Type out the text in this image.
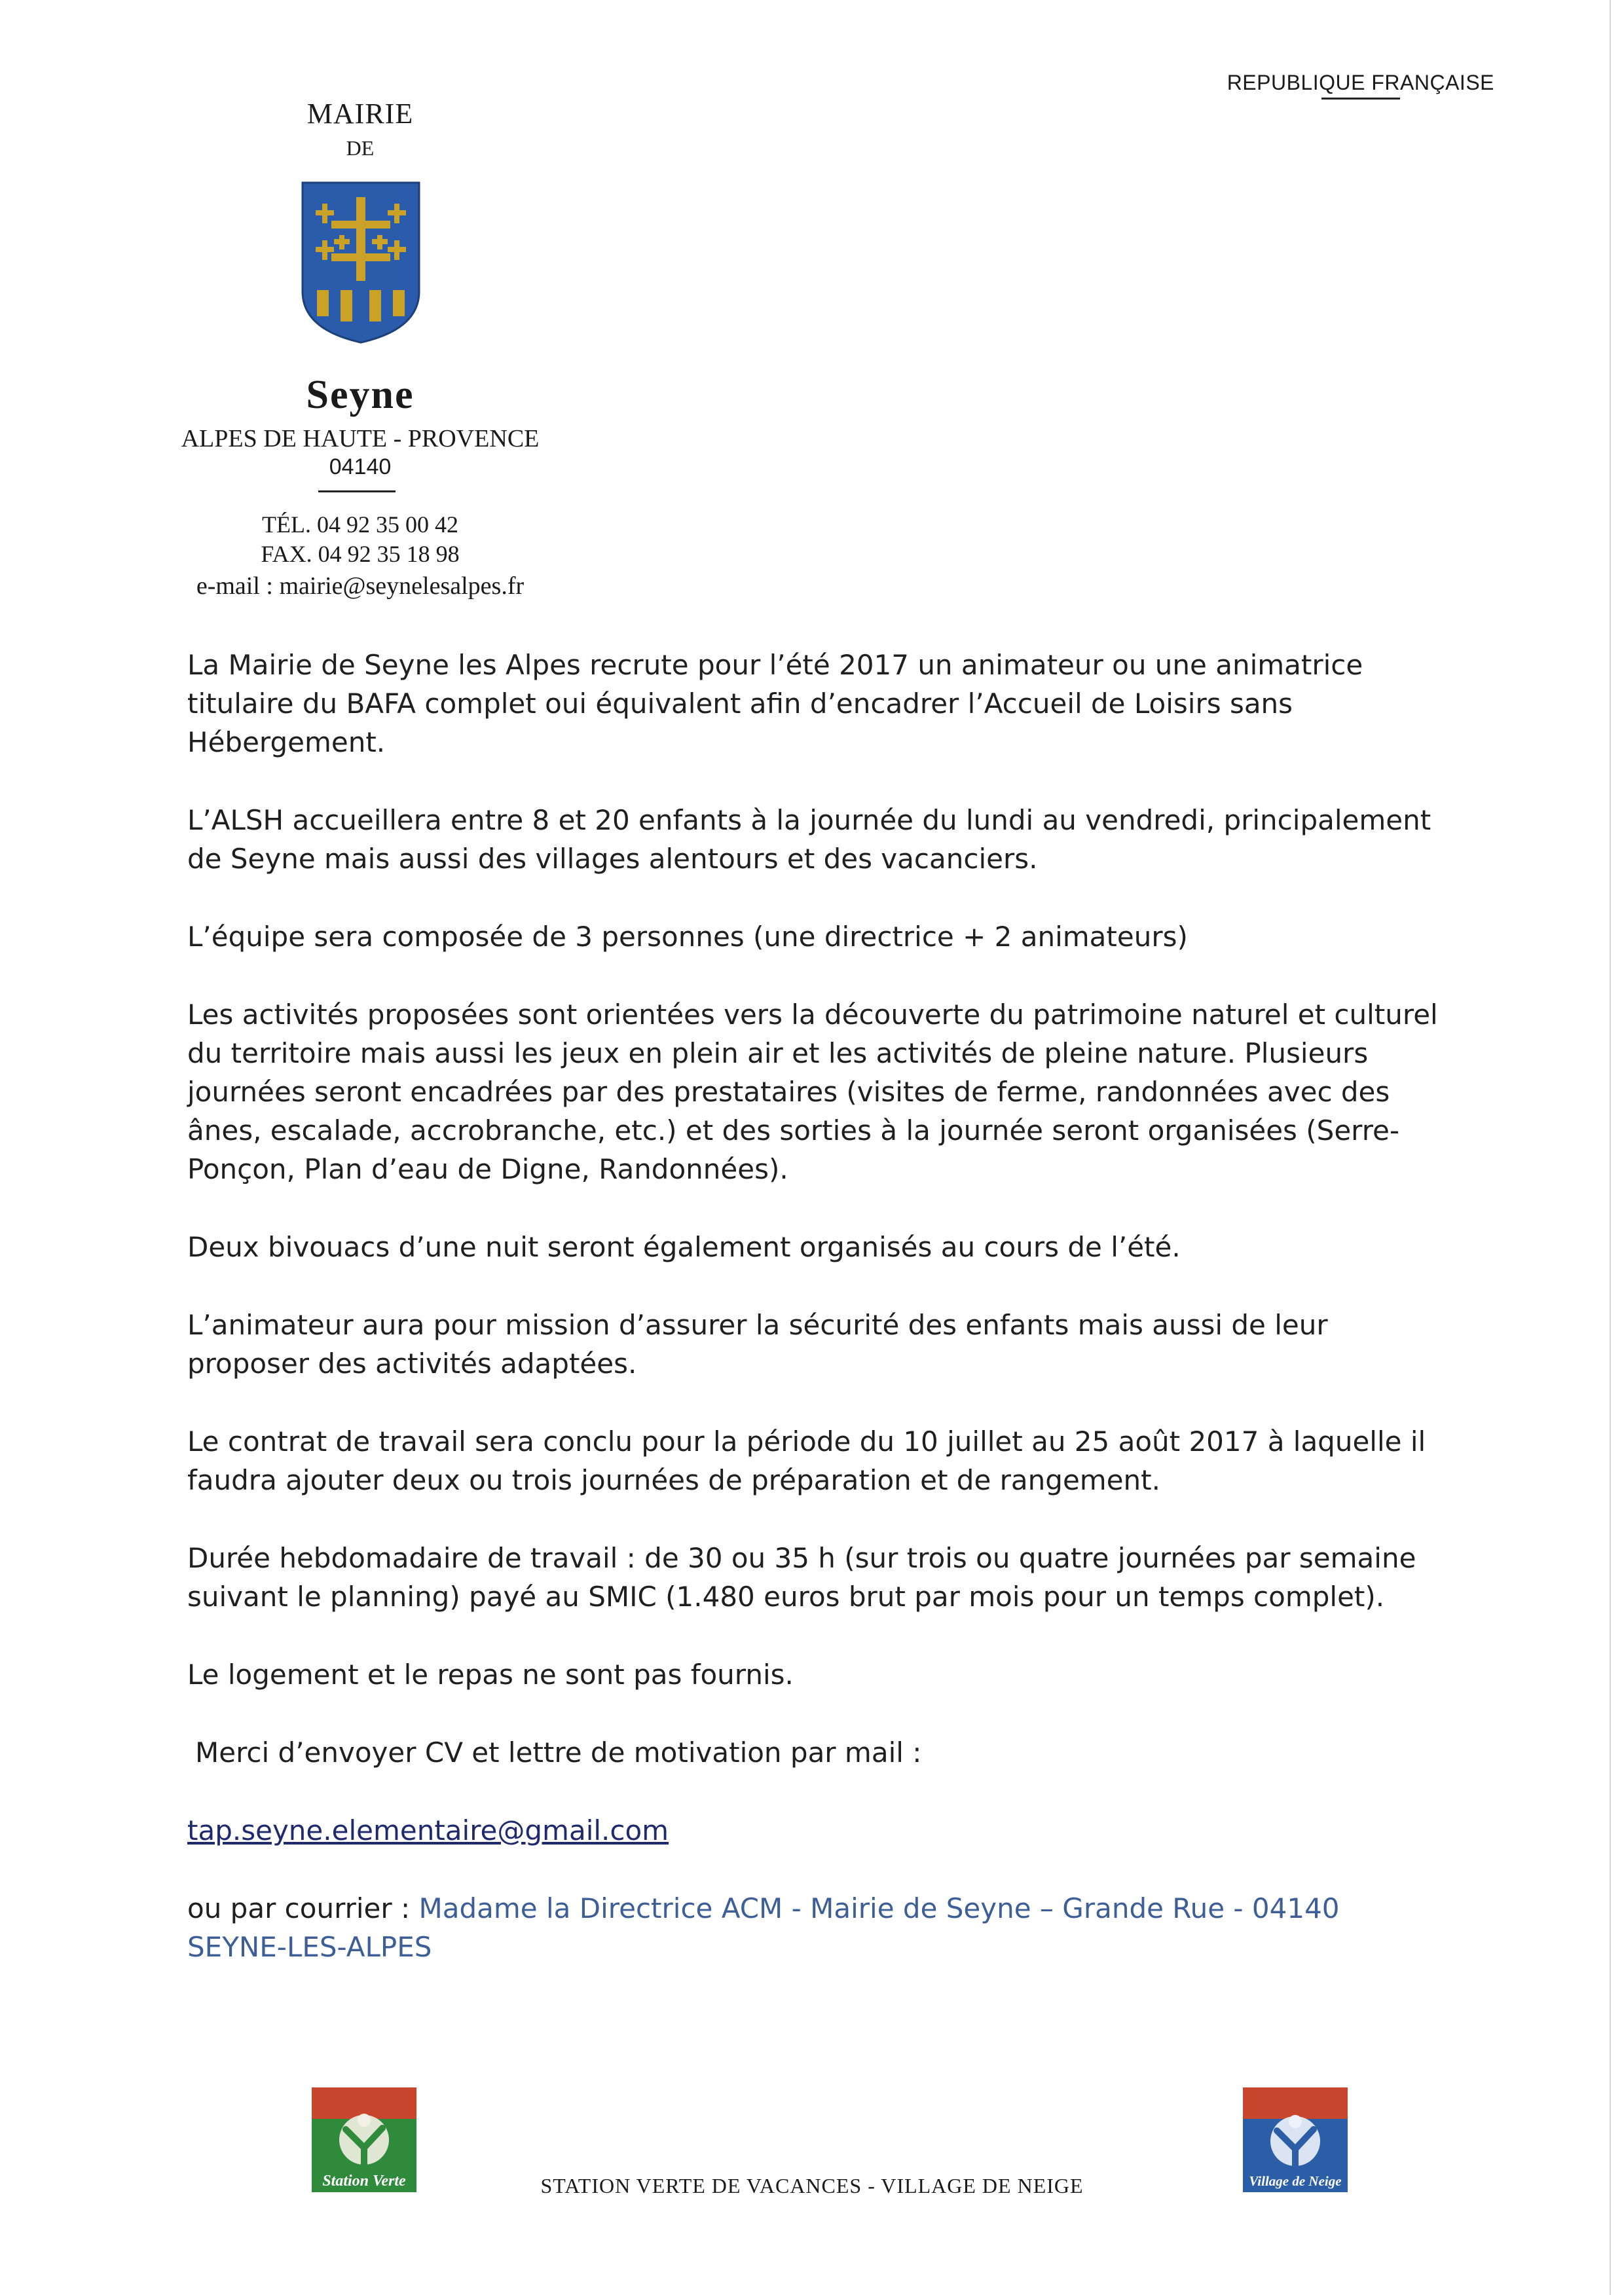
REPUBLIQUE FRANÇAISE
MAIRIE
DE
Seyne
ALPES DE HAUTE - PROVENCE
04140
TÉL. 04 92 35 00 42
FAX. 04 92 35 18 98
e-mail : mairie@seynelesalpes.fr

La Mairie de Seyne les Alpes recrute pour l’été 2017 un animateur ou une animatrice titulaire du BAFA complet oui équivalent afin d’encadrer l’Accueil de Loisirs sans Hébergement.

L’ALSH accueillera entre 8 et 20 enfants à la journée du lundi au vendredi, principalement de Seyne mais aussi des villages alentours et des vacanciers.

L’équipe sera composée de 3 personnes (une directrice + 2 animateurs)

Les activités proposées sont orientées vers la découverte du patrimoine naturel et culturel du territoire mais aussi les jeux en plein air et les activités de pleine nature. Plusieurs journées seront encadrées par des prestataires (visites de ferme, randonnées avec des ânes, escalade, accrobranche, etc.) et des sorties à la journée seront organisées (Serre-Ponçon, Plan d’eau de Digne, Randonnées).

Deux bivouacs d’une nuit seront également organisés au cours de l’été.

L’animateur aura pour mission d’assurer la sécurité des enfants mais aussi de leur proposer des activités adaptées.

Le contrat de travail sera conclu pour la période du 10 juillet au 25 août 2017 à laquelle il faudra ajouter deux ou trois journées de préparation et de rangement.

Durée hebdomadaire de travail : de 30 ou 35 h (sur trois ou quatre journées par semaine suivant le planning) payé au SMIC (1.480 euros brut par mois pour un temps complet).

Le logement et le repas ne sont pas fournis.

Merci d’envoyer CV et lettre de motivation par mail :

tap.seyne.elementaire@gmail.com

ou par courrier : Madame la Directrice ACM - Mairie de Seyne – Grande Rue - 04140 SEYNE-LES-ALPES

Station Verte	Village de Neige
STATION VERTE DE VACANCES - VILLAGE DE NEIGE
